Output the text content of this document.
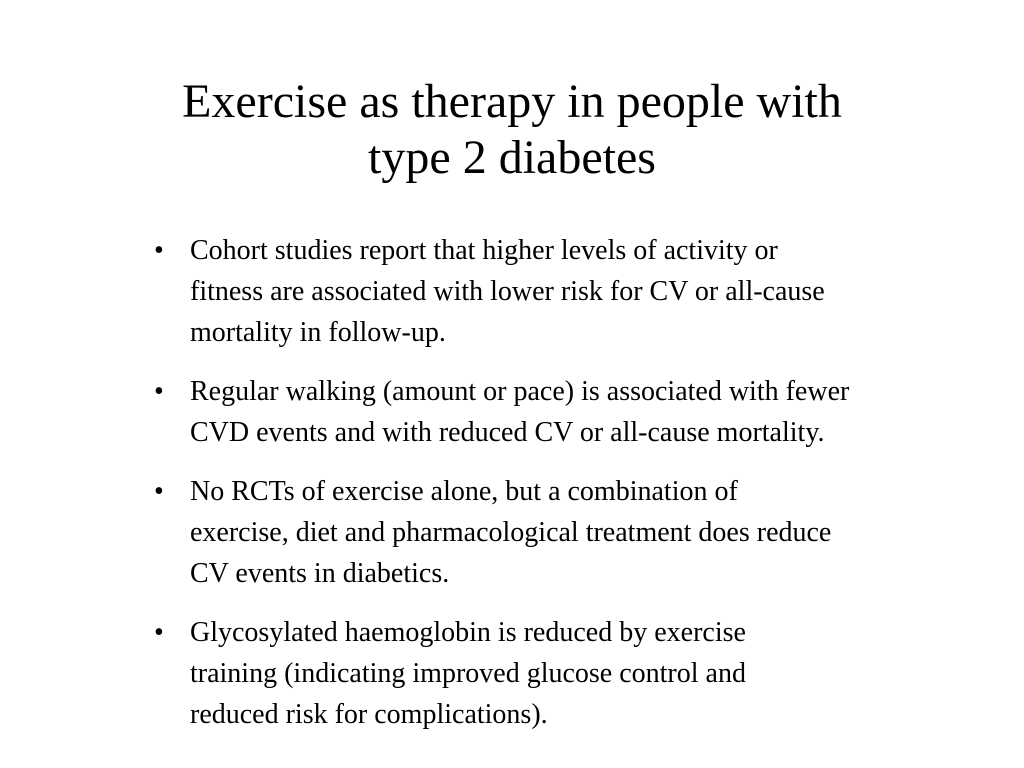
Exercise as therapy in people with
type 2 diabetes
• Cohort studies report that higher levels of activity or
fitness are associated with lower risk for CV or all-cause
mortality in follow-up.
• Regular walking (amount or pace) is associated with fewer
CVD events and with reduced CV or all-cause mortality.
• No RCTs of exercise alone, but a combination of
exercise, diet and pharmacological treatment does reduce
CV events in diabetics.
• Glycosylated haemoglobin is reduced by exercise
training (indicating improved glucose control and
reduced risk for complications).
